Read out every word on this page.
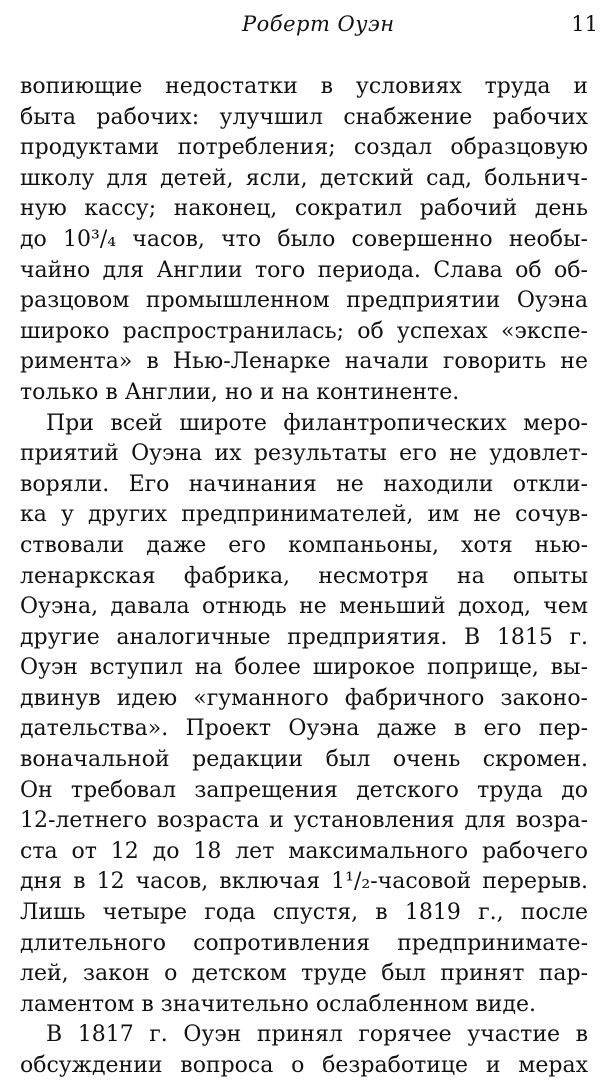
Роберт Оуэн	11
вопиющие недостатки в условиях труда и
быта рабочих: улучшил снабжение рабочих
продуктами потребления; создал образцовую
школу для детей, ясли, детский сад, больнич-
ную кассу; наконец, сократил рабочий день
до 10³/₄ часов, что было совершенно необы-
чайно для Англии того периода. Слава об об-
разцовом промышленном предприятии Оуэна
широко распространилась; об успехах «экспе-
римента» в Нью-Ленарке начали говорить не
только в Англии, но и на континенте.
При всей широте филантропических меро-
приятий Оуэна их результаты его не удовлет-
воряли. Его начинания не находили откли-
ка у других предпринимателей, им не сочув-
ствовали даже его компаньоны, хотя нью-
ленаркская фабрика, несмотря на опыты
Оуэна, давала отнюдь не меньший доход, чем
другие аналогичные предприятия. В 1815 г.
Оуэн вступил на более широкое поприще, вы-
двинув идею «гуманного фабричного законо-
дательства». Проект Оуэна даже в его пер-
воначальной редакции был очень скромен.
Он требовал запрещения детского труда до
12-летнего возраста и установления для возра-
ста от 12 до 18 лет максимального рабочего
дня в 12 часов, включая 1¹/₂-часовой перерыв.
Лишь четыре года спустя, в 1819 г., после
длительного сопротивления предпринимате-
лей, закон о детском труде был принят пар-
ламентом в значительно ослабленном виде.
В 1817 г. Оуэн принял горячее участие в
обсуждении вопроса о безработице и мерах
